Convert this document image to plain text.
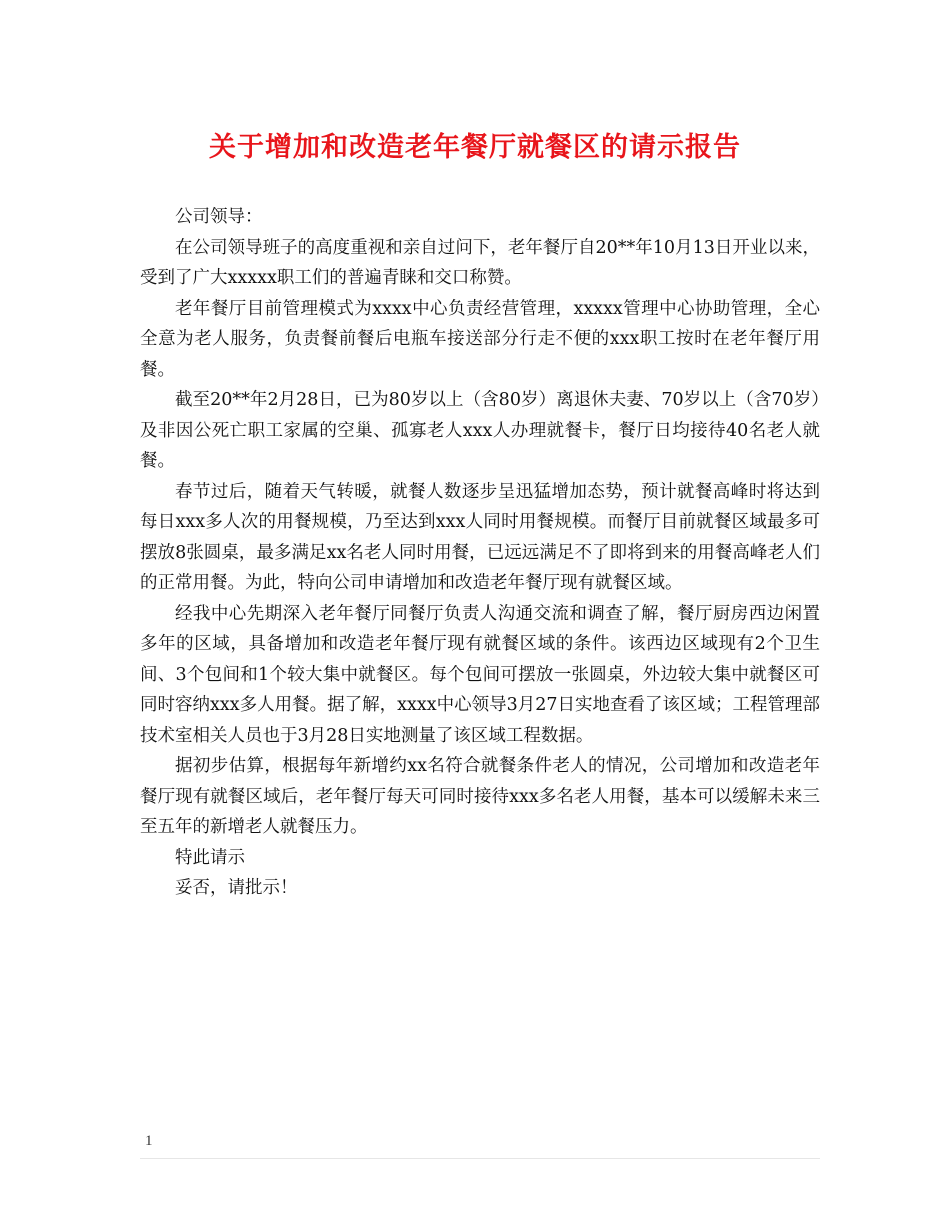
关于增加和改造老年餐厅就餐区的请示报告

公司领导：

在公司领导班子的高度重视和亲自过问下，老年餐厅自20**年10月13日开业以来，受到了广大xxxxx职工们的普遍青睐和交口称赞。

老年餐厅目前管理模式为xxxx中心负责经营管理，xxxxx管理中心协助管理，全心全意为老人服务，负责餐前餐后电瓶车接送部分行走不便的xxx职工按时在老年餐厅用餐。

截至20**年2月28日，已为80岁以上（含80岁）离退休夫妻、70岁以上（含70岁）及非因公死亡职工家属的空巢、孤寡老人xxx人办理就餐卡，餐厅日均接待40名老人就餐。

春节过后，随着天气转暖，就餐人数逐步呈迅猛增加态势，预计就餐高峰时将达到每日xxx多人次的用餐规模，乃至达到xxx人同时用餐规模。而餐厅目前就餐区域最多可摆放8张圆桌，最多满足xx名老人同时用餐，已远远满足不了即将到来的用餐高峰老人们的正常用餐。为此，特向公司申请增加和改造老年餐厅现有就餐区域。

经我中心先期深入老年餐厅同餐厅负责人沟通交流和调查了解，餐厅厨房西边闲置多年的区域，具备增加和改造老年餐厅现有就餐区域的条件。该西边区域现有2个卫生间、3个包间和1个较大集中就餐区。每个包间可摆放一张圆桌，外边较大集中就餐区可同时容纳xxx多人用餐。据了解，xxxx中心领导3月27日实地查看了该区域；工程管理部技术室相关人员也于3月28日实地测量了该区域工程数据。

据初步估算，根据每年新增约xx名符合就餐条件老人的情况，公司增加和改造老年餐厅现有就餐区域后，老年餐厅每天可同时接待xxx多名老人用餐，基本可以缓解未来三至五年的新增老人就餐压力。

特此请示

妥否，请批示！

1
